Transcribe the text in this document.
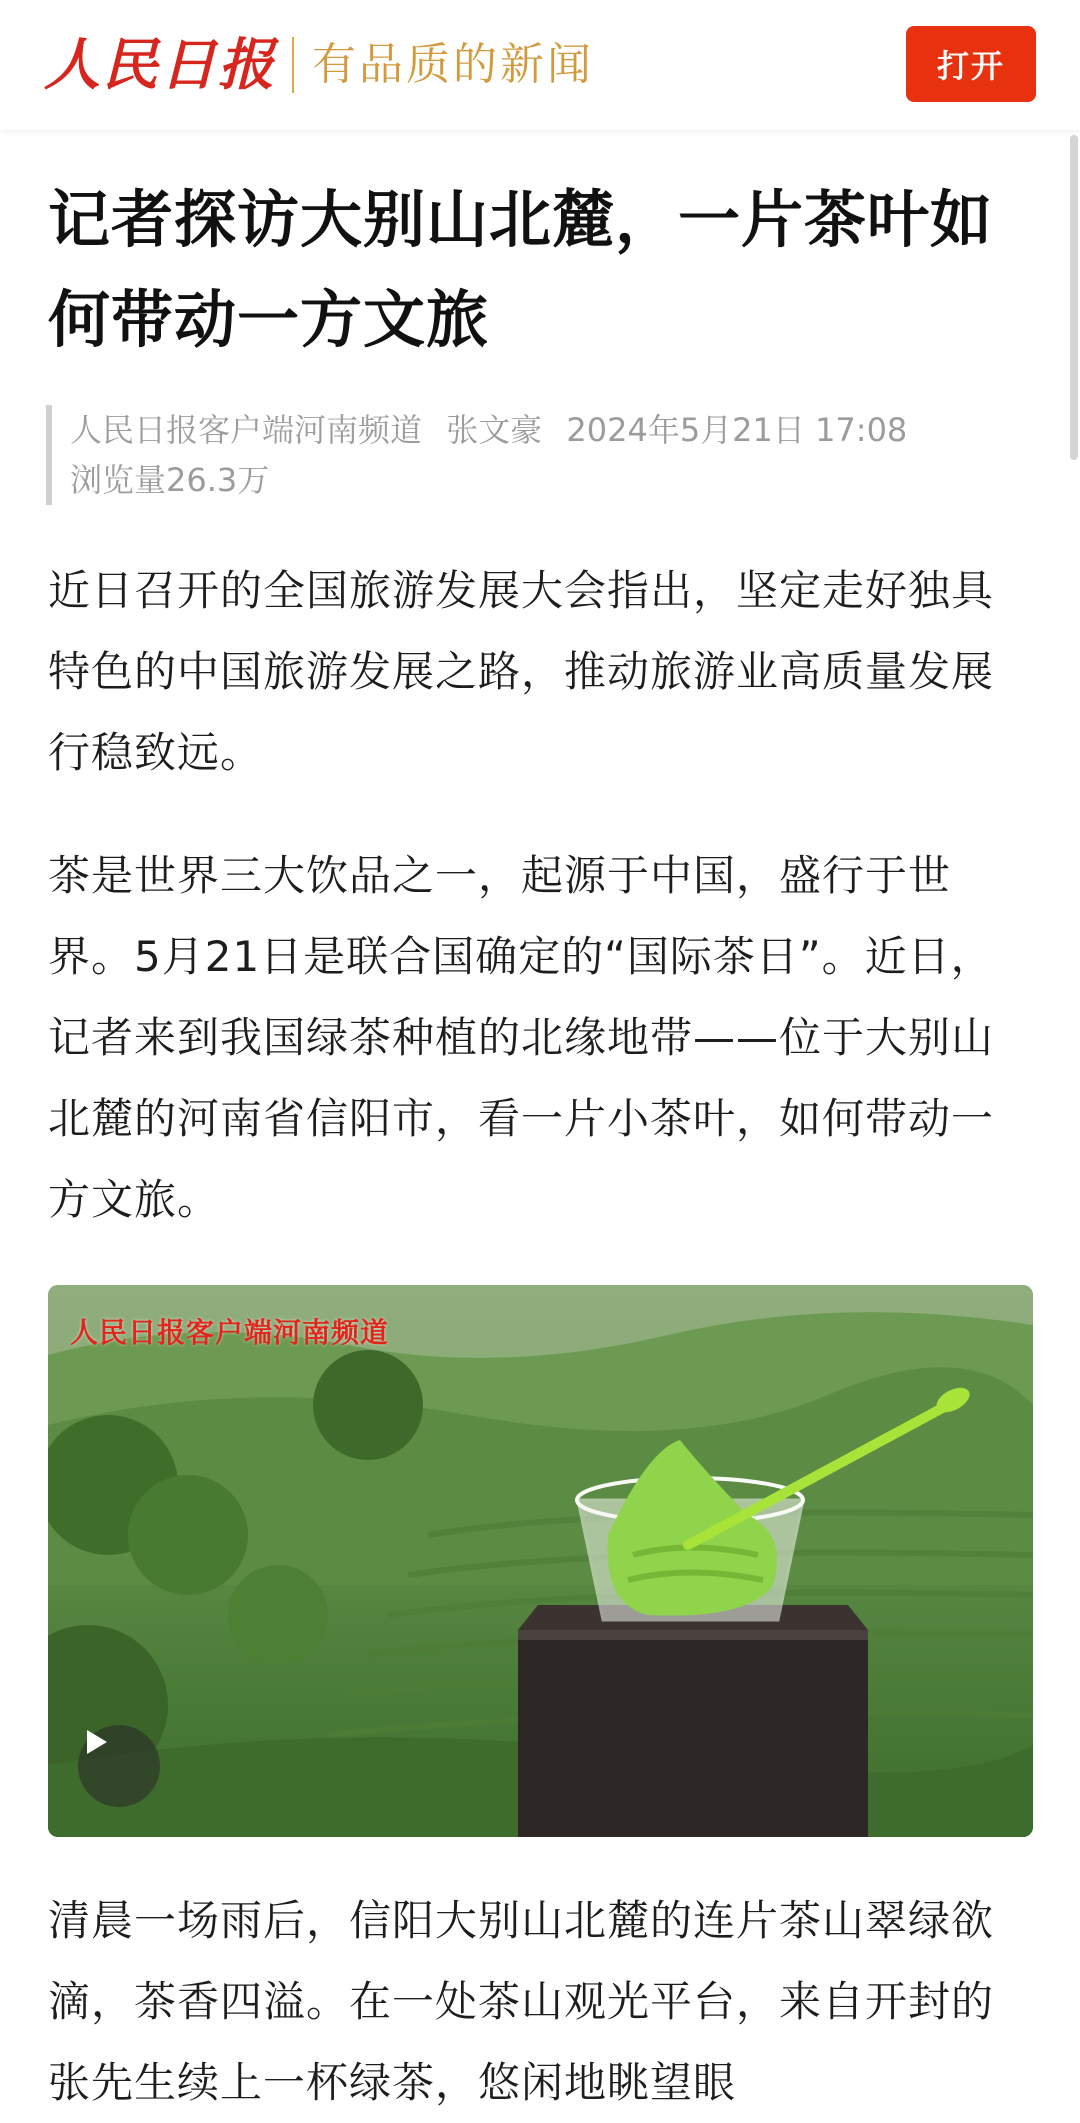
人民日报 有品质的新闻	打开
记者探访大别山北麓，一片茶叶如何带动一方文旅
人民日报客户端河南频道 张文豪 2024年5月21日 17:08
浏览量26.3万

近日召开的全国旅游发展大会指出，坚定走好独具特色的中国旅游发展之路，推动旅游业高质量发展行稳致远。

茶是世界三大饮品之一，起源于中国，盛行于世界。5月21日是联合国确定的“国际茶日”。近日，记者来到我国绿茶种植的北缘地带——位于大别山北麓的河南省信阳市，看一片小茶叶，如何带动一方文旅。

人民日报客户端河南频道

清晨一场雨后，信阳大别山北麓的连片茶山翠绿欲滴，茶香四溢。在一处茶山观光平台，来自开封的张先生续上一杯绿茶，悠闲地眺望眼
